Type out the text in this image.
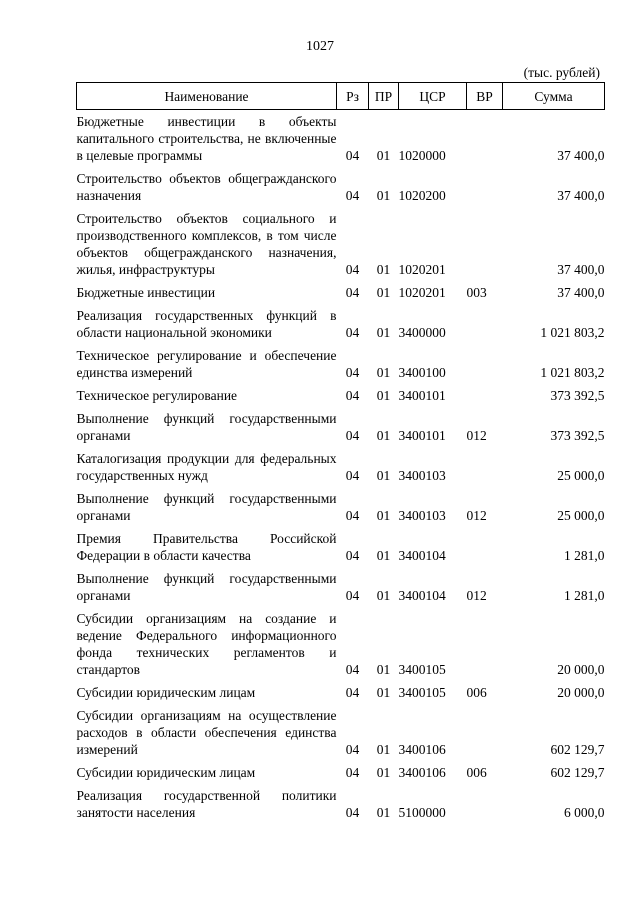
1027
(тыс. рублей)
Наименование	Рз	ПР	ЦСР	ВР	Сумма
Бюджетные инвестиции в объекты капитального строительства, не включенные в целевые программы	04	01	1020000		37 400,0
Строительство объектов общегражданского назначения	04	01	1020200		37 400,0
Строительство объектов социального и производственного комплексов, в том числе объектов общегражданского назначения, жилья, инфраструктуры	04	01	1020201		37 400,0
Бюджетные инвестиции	04	01	1020201	003	37 400,0
Реализация государственных функций в области национальной экономики	04	01	3400000		1 021 803,2
Техническое регулирование и обеспечение единства измерений	04	01	3400100		1 021 803,2
Техническое регулирование	04	01	3400101		373 392,5
Выполнение функций государственными органами	04	01	3400101	012	373 392,5
Каталогизация продукции для федеральных государственных нужд	04	01	3400103		25 000,0
Выполнение функций государственными органами	04	01	3400103	012	25 000,0
Премия Правительства Российской Федерации в области качества	04	01	3400104		1 281,0
Выполнение функций государственными органами	04	01	3400104	012	1 281,0
Субсидии организациям на создание и ведение Федерального информационного фонда технических регламентов и стандартов	04	01	3400105		20 000,0
Субсидии юридическим лицам	04	01	3400105	006	20 000,0
Субсидии организациям на осуществление расходов в области обеспечения единства измерений	04	01	3400106		602 129,7
Субсидии юридическим лицам	04	01	3400106	006	602 129,7
Реализация государственной политики занятости населения	04	01	5100000		6 000,0
